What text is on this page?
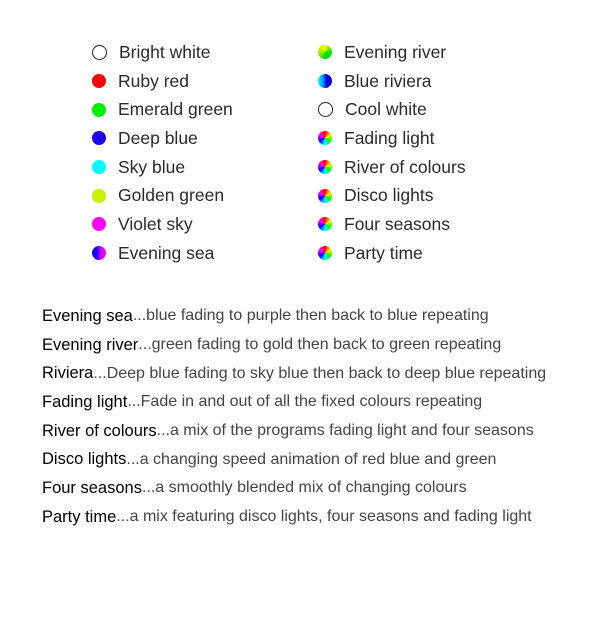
Bright white
Ruby red
Emerald green
Deep blue
Sky blue
Golden green
Violet sky
Evening sea
Evening river
Blue riviera
Cool white
Fading light
River of colours
Disco lights
Four seasons
Party time
Evening sea ...blue fading to purple then back to blue repeating
Evening river ...green fading to gold then back to green repeating
Riviera ...Deep blue fading to sky blue then back to deep blue repeating
Fading light ...Fade in and out of all the fixed colours repeating
River of colours ...a mix of the programs fading light and four seasons
Disco lights ...a changing speed animation of red blue and green
Four seasons ...a smoothly blended mix of changing colours
Party time ...a mix featuring disco lights, four seasons and fading light
